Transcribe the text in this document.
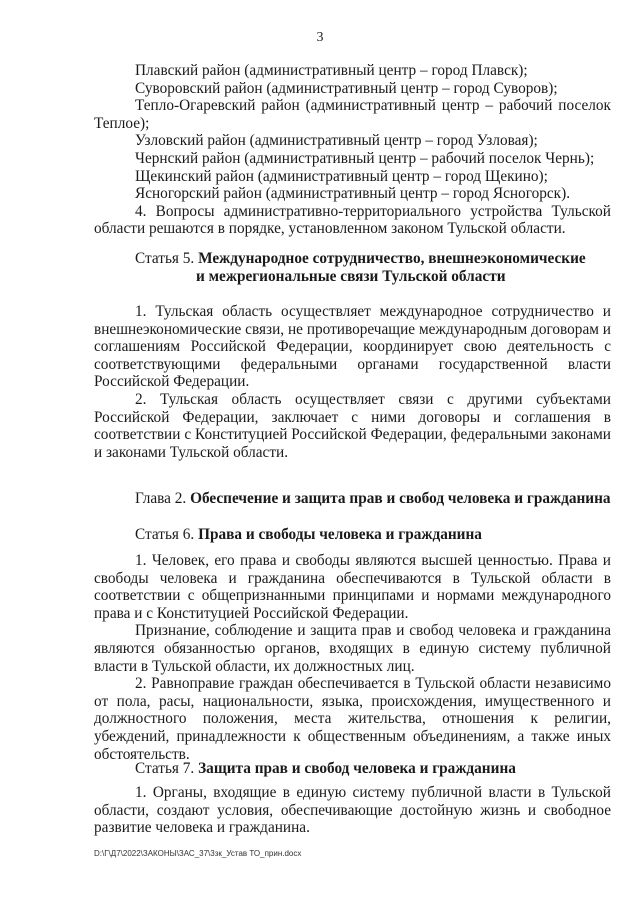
3
Плавский район (административный центр – город Плавск);
Суворовский район (административный центр – город Суворов);
Тепло-Огаревский район (административный центр – рабочий поселок Теплое);
Узловский район (административный центр – город Узловая);
Чернский район (административный центр – рабочий поселок Чернь);
Щекинский район (административный центр – город Щекино);
Ясногорский район (административный центр – город Ясногорск).
4. Вопросы административно-территориального устройства Тульской области решаются в порядке, установленном законом Тульской области.
Статья 5. Международное сотрудничество, внешнеэкономические
и межрегиональные связи Тульской области
1. Тульская область осуществляет международное сотрудничество и внешнеэкономические связи, не противоречащие международным договорам и соглашениям Российской Федерации, координирует свою деятельность с соответствующими федеральными органами государственной власти Российской Федерации.
2. Тульская область осуществляет связи с другими субъектами Российской Федерации, заключает с ними договоры и соглашения в соответствии с Конституцией Российской Федерации, федеральными законами и законами Тульской области.
Глава 2. Обеспечение и защита прав и свобод человека и гражданина
Статья 6. Права и свободы человека и гражданина
1. Человек, его права и свободы являются высшей ценностью. Права и свободы человека и гражданина обеспечиваются в Тульской области в соответствии с общепризнанными принципами и нормами международного права и с Конституцией Российской Федерации.
Признание, соблюдение и защита прав и свобод человека и гражданина являются обязанностью органов, входящих в единую систему публичной власти в Тульской области, их должностных лиц.
2. Равноправие граждан обеспечивается в Тульской области независимо от пола, расы, национальности, языка, происхождения, имущественного и должностного положения, места жительства, отношения к религии, убеждений, принадлежности к общественным объединениям, а также иных обстоятельств.
Статья 7. Защита прав и свобод человека и гражданина
1. Органы, входящие в единую систему публичной власти в Тульской области, создают условия, обеспечивающие достойную жизнь и свободное развитие человека и гражданина.
D:\Г\Д7\2022\ЗАКОНЫ\ЗАС_37\3зк_Устав ТО_прин.docx
